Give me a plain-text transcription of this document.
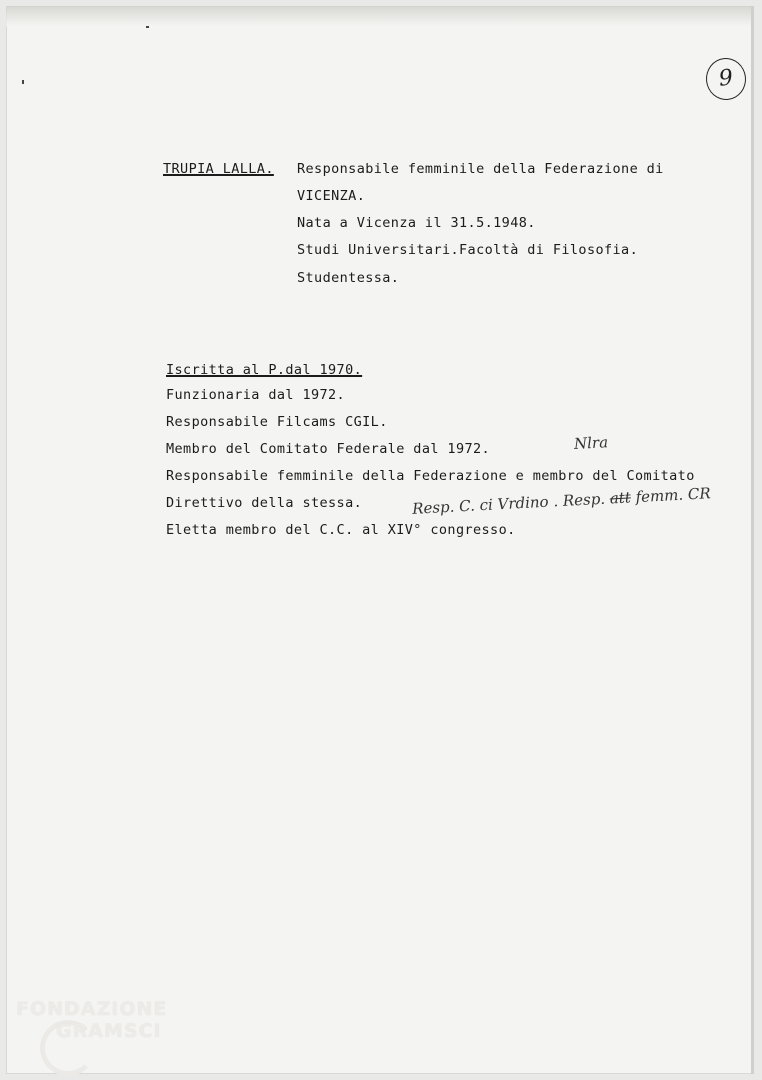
9
TRUPIA LALLA. Responsabile femminile della Federazione di
VICENZA.
Nata a Vicenza il 31.5.1948.
Studi Universitari.Facoltà di Filosofia.
Studentessa.
Iscritta al P.dal 1970.
Funzionaria dal 1972.
Responsabile Filcams CGIL.
Membro del Comitato Federale dal 1972.
Responsabile femminile della Federazione e membro del Comitato
Direttivo della stessa.
Eletta membro del C.C. al XIV° congresso.
Nlra
Resp. C. ci Vrdino . Resp. att femm. CR
FONDAZIONE
GRAMSCI
